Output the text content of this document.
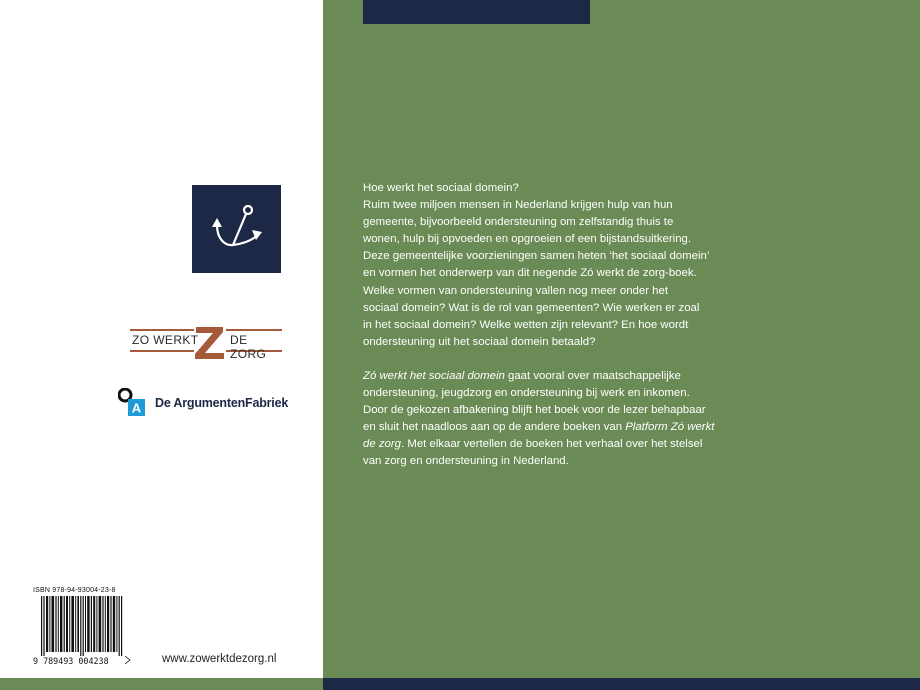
ZO WERKT	DE ZORG
A De ArgumentenFabriek
ISBN 978-94-93004-23-8
9 789493 004238	www.zowerktdezorg.nl

Hoe werkt het sociaal domein?

Ruim twee miljoen mensen in Nederland krijgen hulp van hun
gemeente, bijvoorbeeld ondersteuning om zelfstandig thuis te
wonen, hulp bij opvoeden en opgroeien of een bijstandsuitkering.
Deze gemeentelijke voorzieningen samen heten ‘het sociaal domein’
en vormen het onderwerp van dit negende Zó werkt de zorg-boek.
Welke vormen van ondersteuning vallen nog meer onder het
sociaal domein? Wat is de rol van gemeenten? Wie werken er zoal
in het sociaal domein? Welke wetten zijn relevant? En hoe wordt
ondersteuning uit het sociaal domein betaald?

Zó werkt het sociaal domein gaat vooral over maatschappelijke
ondersteuning, jeugdzorg en ondersteuning bij werk en inkomen.
Door de gekozen afbakening blijft het boek voor de lezer behapbaar
en sluit het naadloos aan op de andere boeken van Platform Zó werkt
de zorg. Met elkaar vertellen de boeken het verhaal over het stelsel
van zorg en ondersteuning in Nederland.
